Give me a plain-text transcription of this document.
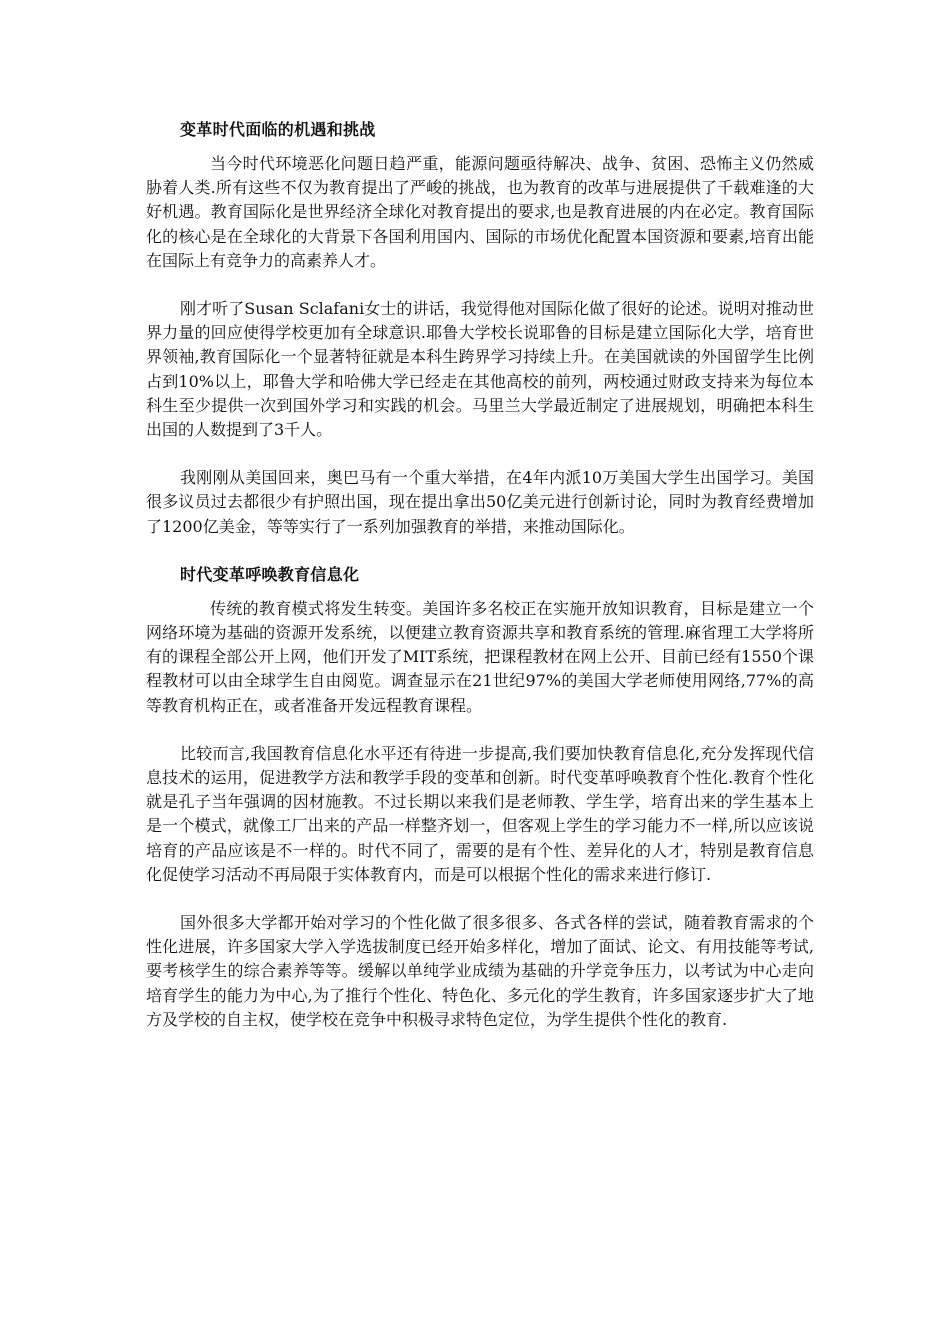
变革时代面临的机遇和挑战

当今时代环境恶化问题日趋严重，能源问题亟待解决、战争、贫困、恐怖主义仍然威胁着人类.所有这些不仅为教育提出了严峻的挑战，也为教育的改革与进展提供了千载难逢的大好机遇。教育国际化是世界经济全球化对教育提出的要求,也是教育进展的内在必定。教育国际化的核心是在全球化的大背景下各国利用国内、国际的市场优化配置本国资源和要素,培育出能在国际上有竞争力的高素养人才。

刚才听了Susan Sclafani女士的讲话，我觉得他对国际化做了很好的论述。说明对推动世界力量的回应使得学校更加有全球意识.耶鲁大学校长说耶鲁的目标是建立国际化大学，培育世界领袖,教育国际化一个显著特征就是本科生跨界学习持续上升。在美国就读的外国留学生比例占到10%以上，耶鲁大学和哈佛大学已经走在其他高校的前列，两校通过财政支持来为每位本科生至少提供一次到国外学习和实践的机会。马里兰大学最近制定了进展规划，明确把本科生出国的人数提到了3千人。

我刚刚从美国回来，奥巴马有一个重大举措，在4年内派10万美国大学生出国学习。美国很多议员过去都很少有护照出国，现在提出拿出50亿美元进行创新讨论，同时为教育经费增加了1200亿美金，等等实行了一系列加强教育的举措，来推动国际化。

时代变革呼唤教育信息化

传统的教育模式将发生转变。美国许多名校正在实施开放知识教育，目标是建立一个网络环境为基础的资源开发系统，以便建立教育资源共享和教育系统的管理.麻省理工大学将所有的课程全部公开上网，他们开发了MIT系统，把课程教材在网上公开、目前已经有1550个课程教材可以由全球学生自由阅览。调查显示在21世纪97%的美国大学老师使用网络,77%的高等教育机构正在，或者准备开发远程教育课程。

比较而言,我国教育信息化水平还有待进一步提高,我们要加快教育信息化,充分发挥现代信息技术的运用，促进教学方法和教学手段的变革和创新。时代变革呼唤教育个性化.教育个性化就是孔子当年强调的因材施教。不过长期以来我们是老师教、学生学，培育出来的学生基本上是一个模式，就像工厂出来的产品一样整齐划一，但客观上学生的学习能力不一样,所以应该说培育的产品应该是不一样的。时代不同了，需要的是有个性、差异化的人才，特别是教育信息化促使学习活动不再局限于实体教育内，而是可以根据个性化的需求来进行修订.

国外很多大学都开始对学习的个性化做了很多很多、各式各样的尝试，随着教育需求的个性化进展，许多国家大学入学选拔制度已经开始多样化，增加了面试、论文、有用技能等考试,要考核学生的综合素养等等。缓解以单纯学业成绩为基础的升学竞争压力，以考试为中心走向培育学生的能力为中心,为了推行个性化、特色化、多元化的学生教育，许多国家逐步扩大了地方及学校的自主权，使学校在竞争中积极寻求特色定位，为学生提供个性化的教育.
